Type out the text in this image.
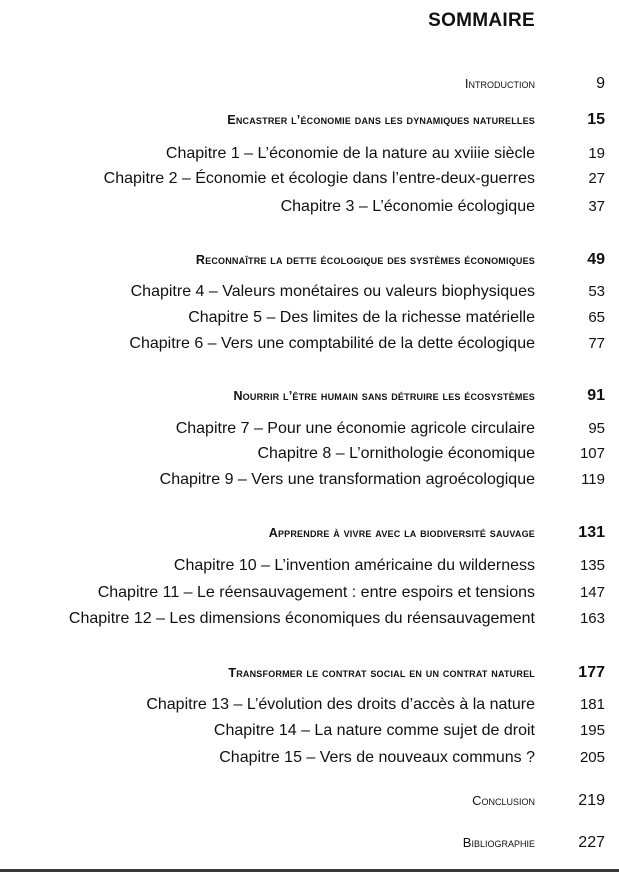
SOMMAIRE
Introduction	9
Encastrer l’économie dans les dynamiques naturelles	15
Chapitre 1 – L’économie de la nature au xviiie siècle	19
Chapitre 2 – Économie et écologie dans l’entre-deux-guerres	27
Chapitre 3 – L’économie écologique	37
Reconnaître la dette écologique des systèmes économiques	49
Chapitre 4 – Valeurs monétaires ou valeurs biophysiques	53
Chapitre 5 – Des limites de la richesse matérielle	65
Chapitre 6 – Vers une comptabilité de la dette écologique	77
Nourrir l’être humain sans détruire les écosystèmes	91
Chapitre 7 – Pour une économie agricole circulaire	95
Chapitre 8 – L’ornithologie économique	107
Chapitre 9 – Vers une transformation agroécologique	119
Apprendre à vivre avec la biodiversité sauvage	131
Chapitre 10 – L’invention américaine du wilderness	135
Chapitre 11 – Le réensauvagement : entre espoirs et tensions	147
Chapitre 12 – Les dimensions économiques du réensauvagement	163
Transformer le contrat social en un contrat naturel	177
Chapitre 13 – L’évolution des droits d’accès à la nature	181
Chapitre 14 – La nature comme sujet de droit	195
Chapitre 15 – Vers de nouveaux communs ?	205
Conclusion	219
Bibliographie	227
